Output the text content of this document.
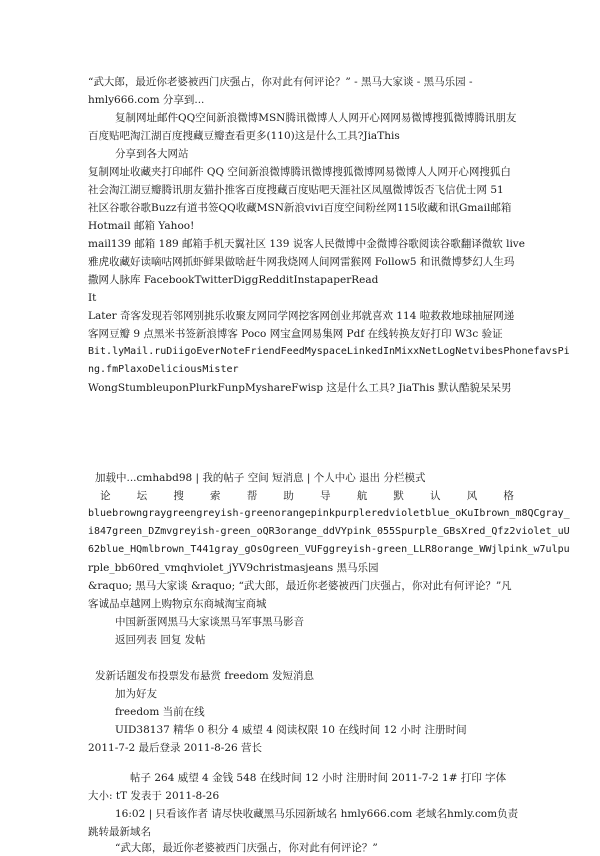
“武大郎，最近你老婆被西门庆强占，你对此有何评论？” - 黑马大家谈 - 黑马乐园 -
hmly666.com 分享到...
复制网址邮件QQ空间新浪微博MSN腾讯微博人人网开心网网易微博搜狐微博腾讯朋友
百度贴吧淘江湖百度搜藏豆瓣查看更多(110)这是什么工具?JiaThis
分享到各大网站
复制网址收藏夹打印邮件 QQ 空间新浪微博腾讯微博搜狐微博网易微博人人网开心网搜狐白
社会淘江湖豆瓣腾讯朋友猫扑推客百度搜藏百度贴吧天涯社区凤凰微博饭否飞信优士网 51
社区谷歌谷歌Buzz有道书签QQ收藏MSN新浪vivi百度空间粉丝网115收藏和讯Gmail邮箱
Hotmail 邮箱 Yahoo!
mail139 邮箱 189 邮箱手机天翼社区 139 说客人民微博中金微博谷歌阅读谷歌翻译微软 live
雅虎收藏好读嘀咕网抓虾鲜果做啥赶牛网我烧网人间网雷猴网 Follow5 和讯微博梦幻人生玛
撒网人脉库 FacebookTwitterDiggRedditInstapaperRead
It
Later 奇客发现若邻网别挑乐收聚友网同学网挖客网创业邦就喜欢 114 啦救救地球抽屉网递
客网豆瓣 9 点黑米书签新浪博客 Poco 网宝盒网易集网 Pdf 在线转换友好打印 W3c 验证
Bit.lyMail.ruDiigoEverNoteFriendFeedMyspaceLinkedInMixxNetLogNetvibesPhonefavsPi
ng.fmPlaxoDeliciousMister
WongStumbleuponPlurkFunpMyshareFwisp 这是什么工具? JiaThis 默认酷貌呆呆男
加载中...cmhabd98 | 我的帖子 空间 短消息 | 个人中心 退出 分栏模式
论 坛 搜 索 帮 助 导 航 默 认 风 格
bluebrowngraygreengreyish-greenorangepinkpurpleredvioletblue_oKuIbrown_m8QCgray_
i847green_DZmvgreyish-green_oQR3orange_ddVYpink_055Spurple_GBsXred_Qfz2violet_uU
62blue_HQmlbrown_T441gray_gOsOgreen_VUFggreyish-green_LLR8orange_WWjlpink_w7ulpu
rple_bb60red_vmqhviolet_jYV9christmasjeans 黑马乐园
&raquo; 黑马大家谈 &raquo; “武大郎，最近你老婆被西门庆强占，你对此有何评论？”凡
客诚品卓越网上购物京东商城淘宝商城
中国新蛋网黑马大家谈黑马军事黑马影音
返回列表 回复 发帖
发新话题发布投票发布悬赏 freedom 发短消息
加为好友
freedom 当前在线
UID38137 精华 0 积分 4 威望 4 阅读权限 10 在线时间 12 小时 注册时间
2011-7-2 最后登录 2011-8-26 营长
帖子 264 威望 4 金钱 548 在线时间 12 小时 注册时间 2011-7-2 1# 打印 字体
大小: tT 发表于 2011-8-26
16:02 | 只看该作者 请尽快收藏黑马乐园新域名 hmly666.com 老域名hmly.com负责
跳转最新域名
“武大郎，最近你老婆被西门庆强占，你对此有何评论？”
